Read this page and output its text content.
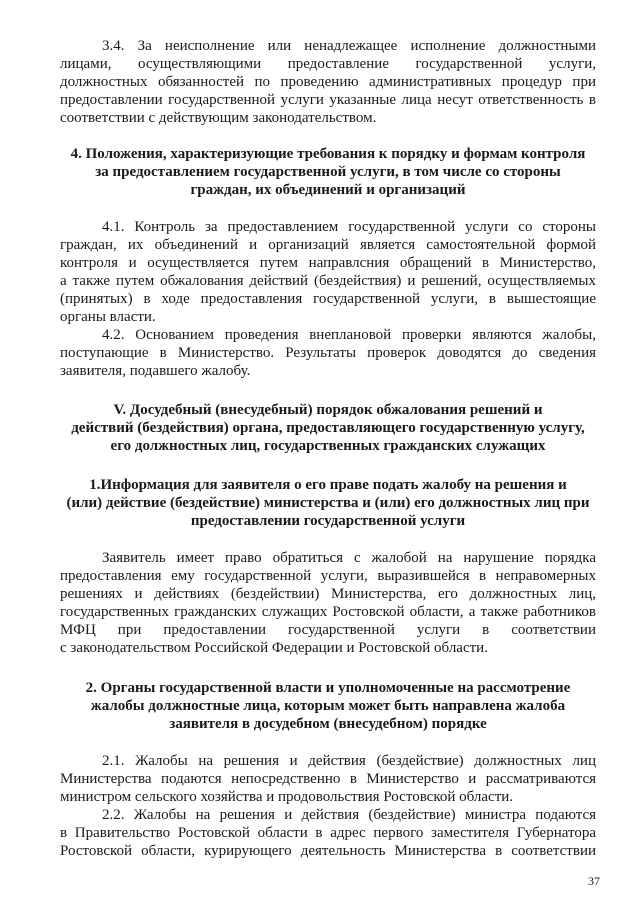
3.4. За неисполнение или ненадлежащее исполнение должностными

лицами, осуществляющими предоставление государственной услуги,

должностных обязанностей по проведению административных процедур при

предоставлении государственной услуги указанные лица несут ответственность в

соответствии с действующим законодательством.

4. Положения, характеризующие требования к порядку и формам контроля

за предоставлением государственной услуги, в том числе со стороны

граждан, их объединений и организаций

4.1. Контроль за предоставлением государственной услуги со стороны

граждан, их объединений и организаций является самостоятельной формой

контроля и осуществляется путем направлсния обращений в Министерство,

а также путем обжалования действий (бездействия) и решений, осуществляемых

(принятых) в ходе предоставления государственной услуги, в вышестоящие

органы власти.

4.2. Основанием проведения внеплановой проверки являются жалобы,

поступающие в Министерство. Результаты проверок доводятся до сведения

заявителя, подавшего жалобу.

V. Досудебный (внесудебный) порядок обжалования решений и

действий (бездействия) органа, предоставляющего государственную услугу,

его должностных лиц, государственных гражданских служащих

1.Информация для заявителя о его праве подать жалобу на решения и

(или) действие (бездействие) министерства и (или) его должностных лиц при

предоставлении государственной услуги

Заявитель имеет право обратиться с жалобой на нарушение порядка

предоставления ему государственной услуги, выразившейся в неправомерных

решениях и действиях (бездействии) Министерства, его должностных лиц,

государственных гражданских служащих Ростовской области, а также работников

МФЦ при предоставлении государственной услуги в соответствии

с законодательством Российской Федерации и Ростовской области.

2. Органы государственной власти и уполномоченные на рассмотрение

жалобы должностные лица, которым может быть направлена жалоба

заявителя в досудебном (внесудебном) порядке

2.1. Жалобы на решения и действия (бездействие) должностных лиц

Министерства подаются непосредственно в Министерство и рассматриваются

министром сельского хозяйства и продовольствия Ростовской области.

2.2. Жалобы на решения и действия (бездействие) министра подаются

в Правительство Ростовской области в адрес первого заместителя Губернатора

Ростовской области, курирующего деятельность Министерства в соответствии

37
